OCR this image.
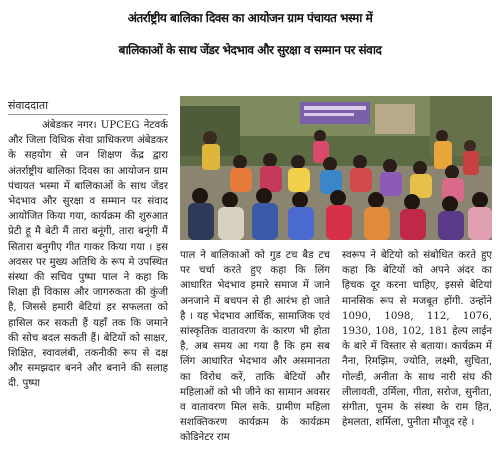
अंतर्राष्ट्रीय बालिका दिवस का आयोजन ग्राम पंचायत भस्मा में
बालिकाओं के साथ जेंडर भेदभाव और सुरक्षा व सम्मान पर संवाद
संवाददाता

अंबेडकर नगर। UPCEG नेटवर्क और जिला विधिक सेवा प्राधिकरण अंबेडकर के सहयोग से जन शिक्षण केंद्र द्वारा अंतर्राष्ट्रीय बालिका दिवस का आयोजन ग्राम पंचायत भस्मा में बालिकाओं के साथ जेंडर भेदभाव और सुरक्षा व सम्मान पर संवाद आयोजित किया गया, कार्यक्रम की शुरुआत प्रेटी हू मै बेटी मैं तारा बनूंगी, तारा बनूंगी मैं सितारा बनुगीए गीत गाकर किया गया । इस अवसर पर मुख्य अतिथि के रूप मे उपस्थित संस्था की सचिव पुष्पा पाल ने कहा कि शिक्षा ही विकास और जागरुकता की कुंजी है, जिससे हमारी बेटियां हर सफलता को हासिल कर सकती हैं यहाँ तक कि जमाने की सोच बदल सकती हैं। बेटियों को साक्षर, शिक्षित, स्वावलंबी, तकनीकी रूप से दक्ष और समझदार बनने और बनाने की सलाह दी. पुष्पा

पाल ने बालिकाओं को गुड टच बैड टच पर चर्चा करते हुए कहा कि लिंग आधारित भेदभाव हमारे समाज में जाने अनजाने में बचपन से ही आरंभ हो जाते है । यह भेदभाव आर्थिक, सामाजिक एवं सांस्कृतिक वातावरण के कारण भी होता है, अब समय आ गया है कि हम सब लिंग आधारित भेदभाव और असमानता का विरोध करें, ताकि बेटियों और महिलाओं को भी जीने का सामान अवसर व वातावरण मिल सके. ग्रामीण महिला सशक्तिकरण कार्यक्रम के कार्यक्रम कोडिनेटर राम

स्वरूप ने बेटियो को संबोधित करते हुए कहा कि बेटियों को अपने अंदर का हिचक दूर करना चाहिए, इससे बेटियां मानसिक रूप से मजबूत होंगी. उन्होंने 1090, 1098, 112, 1076, 1930, 108, 102, 181 हेल्प लाईन के बारे में विस्तार से बताया। कार्यक्रम में नैना, रिमझिम, ज्योति, लक्ष्मी, सुचिता, गोल्डी, अनीता के साथ नारी संघ की लीलावती, उर्मिला, गीता, सरोज, सुनीता, संगीता, पूनम के संस्था के राम हित, हेमलता, शर्मिला, पुनीता मौजूद रहे ।
